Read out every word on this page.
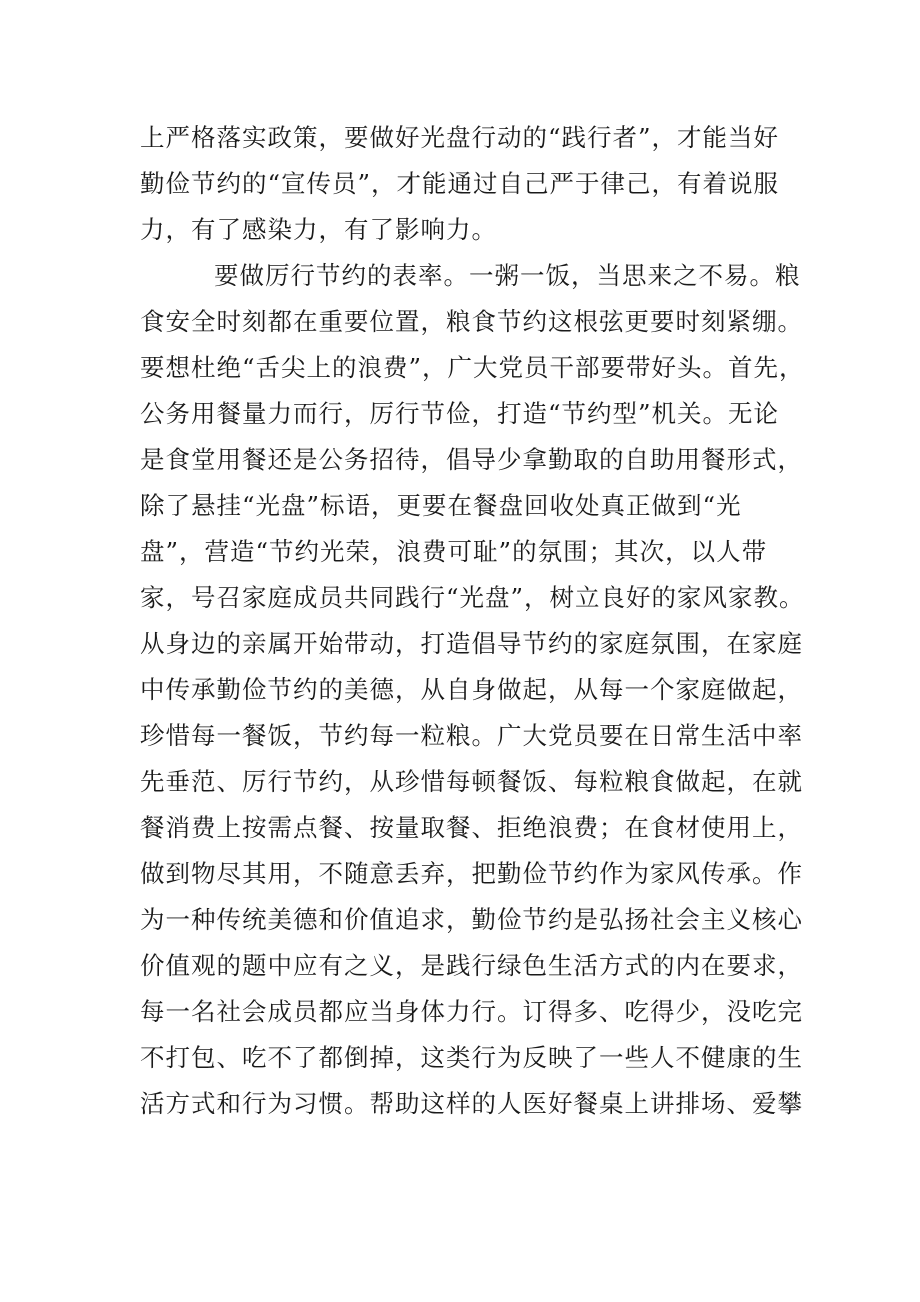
上严格落实政策，要做好光盘行动的“践行者”，才能当好
勤俭节约的“宣传员”，才能通过自己严于律己，有着说服
力，有了感染力，有了影响力。
要做厉行节约的表率。一粥一饭，当思来之不易。粮
食安全时刻都在重要位置，粮食节约这根弦更要时刻紧绷。
要想杜绝“舌尖上的浪费”，广大党员干部要带好头。首先，
公务用餐量力而行，厉行节俭，打造“节约型”机关。无论
是食堂用餐还是公务招待，倡导少拿勤取的自助用餐形式，
除了悬挂“光盘”标语，更要在餐盘回收处真正做到“光
盘”，营造“节约光荣，浪费可耻”的氛围；其次，以人带
家，号召家庭成员共同践行“光盘”，树立良好的家风家教。
从身边的亲属开始带动，打造倡导节约的家庭氛围，在家庭
中传承勤俭节约的美德，从自身做起，从每一个家庭做起，
珍惜每一餐饭，节约每一粒粮。广大党员要在日常生活中率
先垂范、厉行节约，从珍惜每顿餐饭、每粒粮食做起，在就
餐消费上按需点餐、按量取餐、拒绝浪费；在食材使用上，
做到物尽其用，不随意丢弃，把勤俭节约作为家风传承。作
为一种传统美德和价值追求，勤俭节约是弘扬社会主义核心
价值观的题中应有之义，是践行绿色生活方式的内在要求，
每一名社会成员都应当身体力行。订得多、吃得少，没吃完
不打包、吃不了都倒掉，这类行为反映了一些人不健康的生
活方式和行为习惯。帮助这样的人医好餐桌上讲排场、爱攀
